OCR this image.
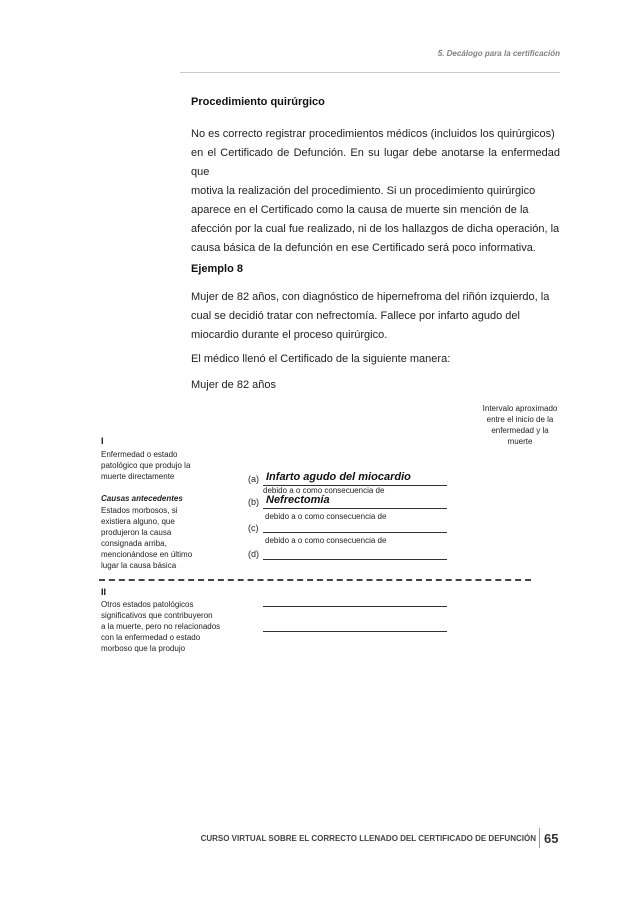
5. Decálogo para la certificación
Procedimiento quirúrgico
No es correcto registrar procedimientos médicos (incluidos los quirúrgicos)
en el Certificado de Defunción. En su lugar debe anotarse la enfermedad que
motiva la realización del procedimiento. Si un procedimiento quirúrgico
aparece en el Certificado como la causa de muerte sin mención de la
afección por la cual fue realizado, ni de los hallazgos de dicha operación, la
causa básica de la defunción en ese Certificado será poco informativa.
Ejemplo 8
Mujer de 82 años, con diagnóstico de hipernefroma del riñón izquierdo, la
cual se decidió tratar con nefrectomía. Fallece por infarto agudo del
miocardio durante el proceso quirúrgico.
El médico llenó el Certificado de la siguiente manera:
Mujer de 82 años
Intervalo aproximado
entre el inicio de la
enfermedad y la
muerte
I
Enfermedad o estado
patológico que produjo la
muerte directamente
Causas antecedentes
Estados morbosos, si
existiera alguno, que
produjeron la causa
consignada arriba,
mencionándose en último
lugar la causa básica
(a) Infarto agudo del miocardio
debido a o como consecuencia de
(b) Nefrectomía
debido a o como consecuencia de
(c)
debido a o como consecuencia de
(d)
II
Otros estados patológicos
significativos que contribuyeron
a la muerte, pero no relacionados
con la enfermedad o estado
morboso que la produjo
CURSO VIRTUAL SOBRE EL CORRECTO LLENADO DEL CERTIFICADO DE DEFUNCIÓN 65
